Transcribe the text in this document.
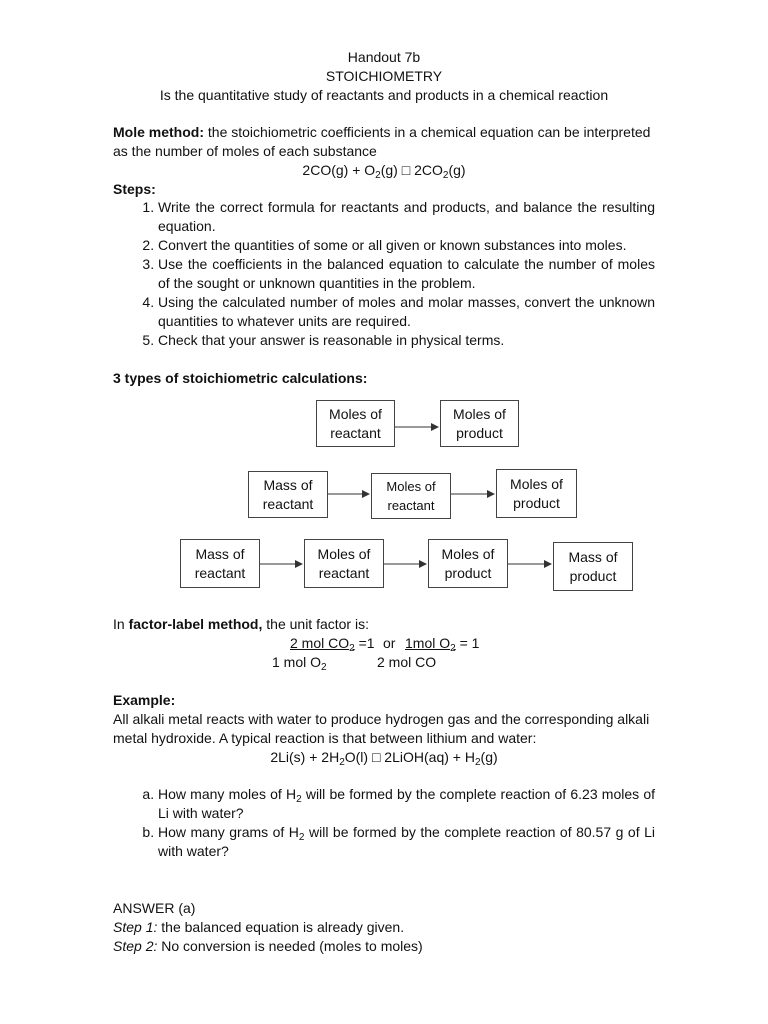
Handout 7b
STOICHIOMETRY
Is the quantitative study of reactants and products in a chemical reaction
Mole method: the stoichiometric coefficients in a chemical equation can be interpreted
as the number of moles of each substance
$2CO(g) + O_2(g)$ □ $2CO_2(g)$
Steps:
1. Write the correct formula for reactants and products, and balance the resulting equation.
2. Convert the quantities of some or all given or known substances into moles.
3. Use the coefficients in the balanced equation to calculate the number of moles of the sought or unknown quantities in the problem.
4. Using the calculated number of moles and molar masses, convert the unknown quantities to whatever units are required.
5. Check that your answer is reasonable in physical terms.
3 types of stoichiometric calculations:
Moles of
reactant
Moles of
product
Mass of
reactant
Moles of
reactant
Moles of
product
Mass of
reactant
Moles of
reactant
Moles of
product
Mass of
product
In factor-label method, the unit factor is:
2 mol $CO_2 =1$ or 1mol $O_2 = 1$
1 mol $O_2$	2 mol CO
Example:
All alkali metal reacts with water to produce hydrogen gas and the corresponding alkali
metal hydroxide. A typical reaction is that between lithium and water:
$2Li(s) + 2H_2O(l)$ □ 2LiOH(aq) + $H_2(g)$
a. How many moles of $H_2$ will be formed by the complete reaction of 6.23 moles of Li with water?
b. How many grams of $H_2$ will be formed by the complete reaction of 80.57 g of Li with water?
ANSWER (a)
Step 1: the balanced equation is already given.
Step 2: No conversion is needed (moles to moles)
